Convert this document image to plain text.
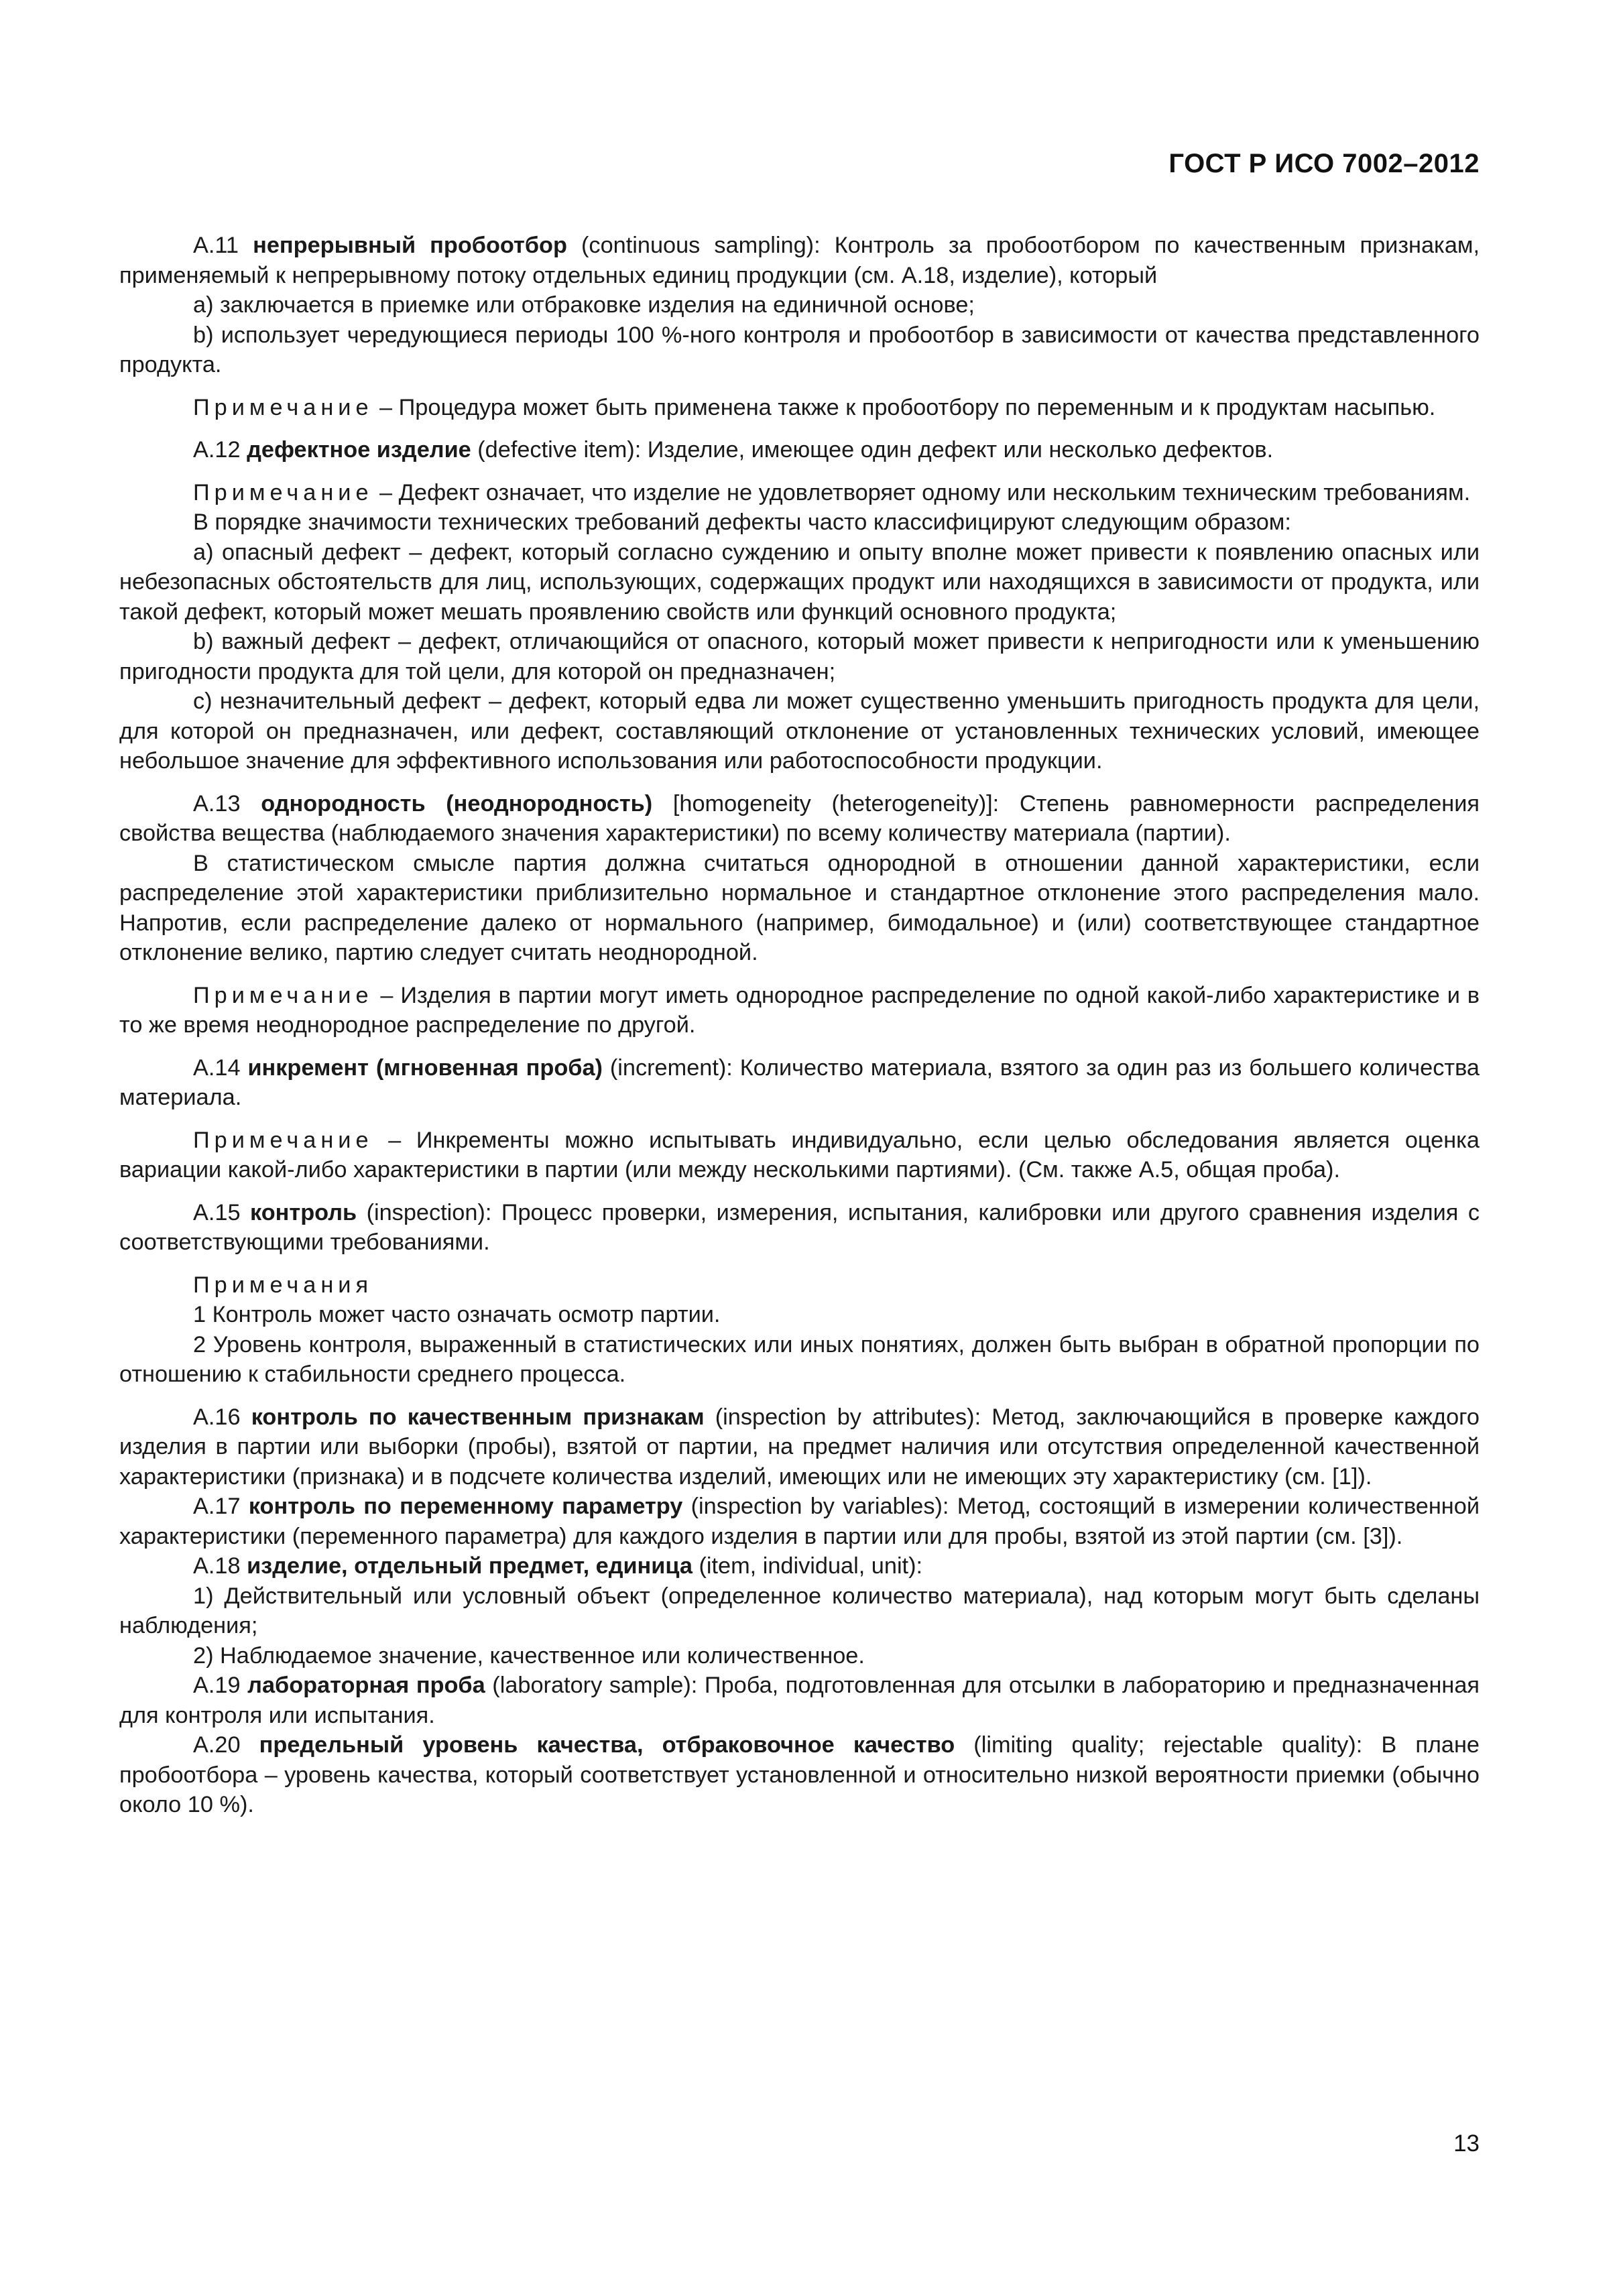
ГОСТ Р ИСО 7002–2012

А.11 непрерывный пробоотбор (continuous sampling): Контроль за пробоотбором по качественным признакам, применяемый к непрерывному потоку отдельных единиц продукции (см. А.18, изделие), который

а) заключается в приемке или отбраковке изделия на единичной основе;

b) использует чередующиеся периоды 100 %-ного контроля и пробоотбор в зависимости от качества представленного продукта.

Примечание – Процедура может быть применена также к пробоотбору по переменным и к продуктам насыпью.

А.12 дефектное изделие (defective item): Изделие, имеющее один дефект или несколько дефектов.

Примечание – Дефект означает, что изделие не удовлетворяет одному или нескольким техническим требованиям.

В порядке значимости технических требований дефекты часто классифицируют следующим образом:

а) опасный дефект – дефект, который согласно суждению и опыту вполне может привести к появлению опасных или небезопасных обстоятельств для лиц, использующих, содержащих продукт или находящихся в зависимости от продукта, или такой дефект, который может мешать проявлению свойств или функций основного продукта;

b) важный дефект – дефект, отличающийся от опасного, который может привести к непригодности или к уменьшению пригодности продукта для той цели, для которой он предназначен;

c) незначительный дефект – дефект, который едва ли может существенно уменьшить пригодность продукта для цели, для которой он предназначен, или дефект, составляющий отклонение от установленных технических условий, имеющее небольшое значение для эффективного использования или работоспособности продукции.

А.13 однородность (неоднородность) [homogeneity (heterogeneity)]: Степень равномерности распределения свойства вещества (наблюдаемого значения характеристики) по всему количеству материала (партии).

В статистическом смысле партия должна считаться однородной в отношении данной характеристики, если распределение этой характеристики приблизительно нормальное и стандартное отклонение этого распределения мало. Напротив, если распределение далеко от нормального (например, бимодальное) и (или) соответствующее стандартное отклонение велико, партию следует считать неоднородной.

Примечание – Изделия в партии могут иметь однородное распределение по одной какой-либо характеристике и в то же время неоднородное распределение по другой.

А.14 инкремент (мгновенная проба) (increment): Количество материала, взятого за один раз из большего количества материала.

Примечание – Инкременты можно испытывать индивидуально, если целью обследования является оценка вариации какой-либо характеристики в партии (или между несколькими партиями). (См. также А.5, общая проба).

А.15 контроль (inspection): Процесс проверки, измерения, испытания, калибровки или другого сравнения изделия с соответствующими требованиями.

Примечания

1 Контроль может часто означать осмотр партии.

2 Уровень контроля, выраженный в статистических или иных понятиях, должен быть выбран в обратной пропорции по отношению к стабильности среднего процесса.

А.16 контроль по качественным признакам (inspection by attributes): Метод, заключающийся в проверке каждого изделия в партии или выборки (пробы), взятой от партии, на предмет наличия или отсутствия определенной качественной характеристики (признака) и в подсчете количества изделий, имеющих или не имеющих эту характеристику (см. [1]).

А.17 контроль по переменному параметру (inspection by variables): Метод, состоящий в измерении количественной характеристики (переменного параметра) для каждого изделия в партии или для пробы, взятой из этой партии (см. [3]).

А.18 изделие, отдельный предмет, единица (item, individual, unit):

1) Действительный или условный объект (определенное количество материала), над которым могут быть сделаны наблюдения;

2) Наблюдаемое значение, качественное или количественное.

А.19 лабораторная проба (laboratory sample): Проба, подготовленная для отсылки в лабораторию и предназначенная для контроля или испытания.

А.20 предельный уровень качества, отбраковочное качество (limiting quality; rejectable quality): В плане пробоотбора – уровень качества, который соответствует установленной и относительно низкой вероятности приемки (обычно около 10 %).

13
